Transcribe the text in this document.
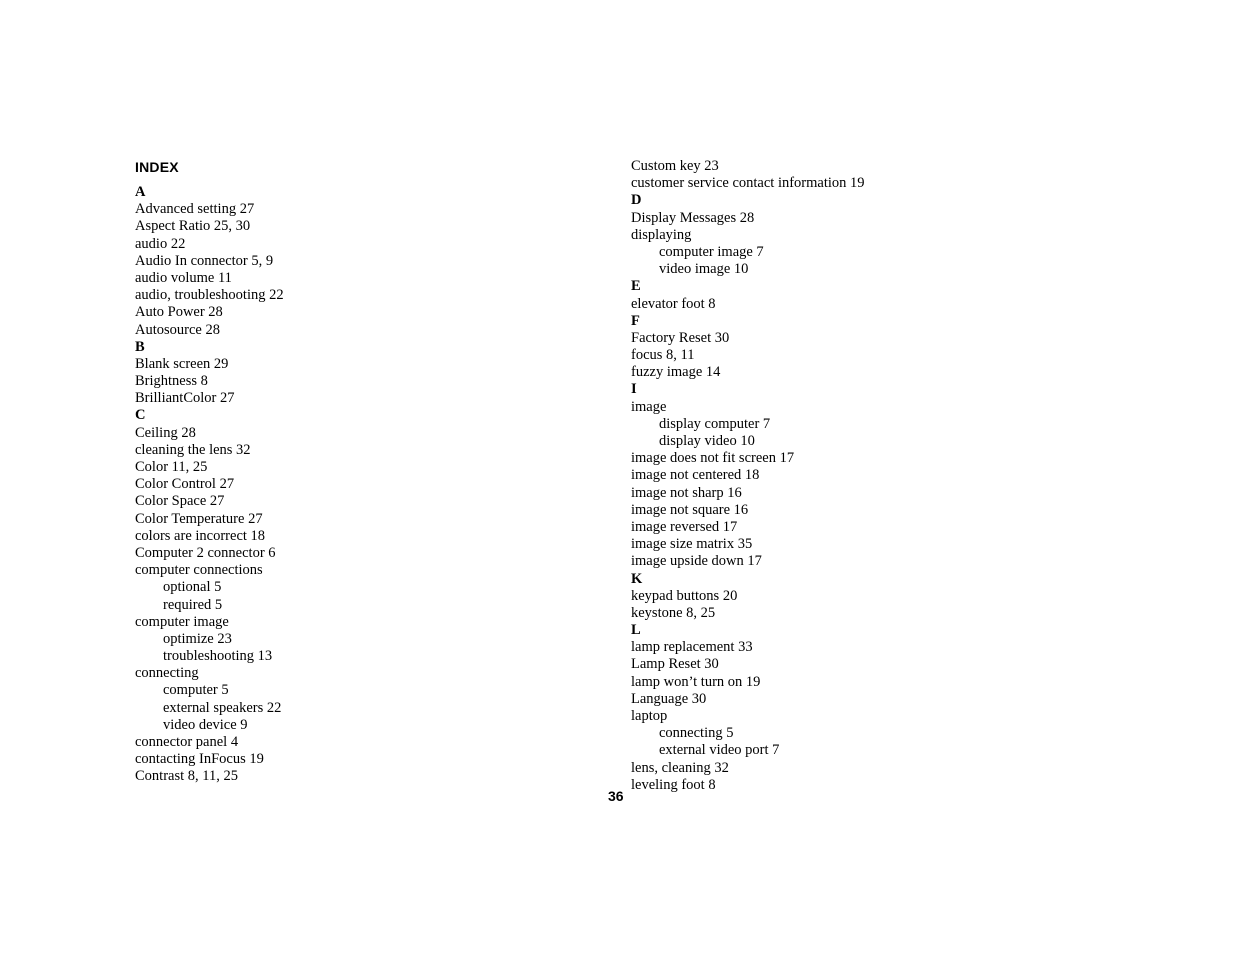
INDEX
A
Advanced setting 27
Aspect Ratio 25, 30
audio 22
Audio In connector 5, 9
audio volume 11
audio, troubleshooting 22
Auto Power 28
Autosource 28
B
Blank screen 29
Brightness 8
BrilliantColor 27
C
Ceiling 28
cleaning the lens 32
Color 11, 25
Color Control 27
Color Space 27
Color Temperature 27
colors are incorrect 18
Computer 2 connector 6
computer connections
optional 5
required 5
computer image
optimize 23
troubleshooting 13
connecting
computer 5
external speakers 22
video device 9
connector panel 4
contacting InFocus 19
Contrast 8, 11, 25
Custom key 23
customer service contact information 19
D
Display Messages 28
displaying
computer image 7
video image 10
E
elevator foot 8
F
Factory Reset 30
focus 8, 11
fuzzy image 14
I
image
display computer 7
display video 10
image does not fit screen 17
image not centered 18
image not sharp 16
image not square 16
image reversed 17
image size matrix 35
image upside down 17
K
keypad buttons 20
keystone 8, 25
L
lamp replacement 33
Lamp Reset 30
lamp won’t turn on 19
Language 30
laptop
connecting 5
external video port 7
lens, cleaning 32
leveling foot 8
36
